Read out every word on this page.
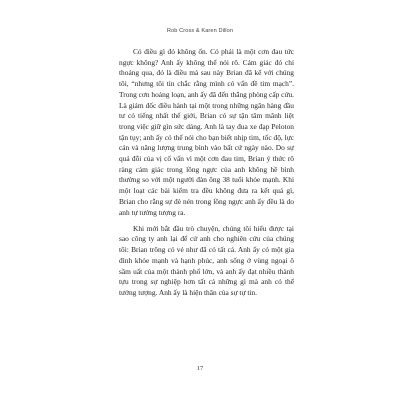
Rob Cross & Karen Dillon

Có điều gì đó không ổn. Có phải là một cơn đau tức ngực không? Anh ấy không thể nói rõ. Cảm giác đó chỉ thoáng qua, đó là điều mà sau này Brian đã kể với chúng tôi, “nhưng tôi tin chắc rằng mình có vấn đề tim mạch”. Trong cơn hoảng loạn, anh ấy đã đến thẳng phòng cấp cứu. Là giám đốc điều hành tại một trong những ngân hàng đầu tư có tiếng nhất thế giới, Brian có sự tận tâm mãnh liệt trong việc giữ gìn sức dáng. Anh là tay đua xe đạp Peloton tận tụy; anh ấy có thể nói cho bạn biết nhịp tim, tốc độ, lực cản và năng lượng trung bình vào bất cứ ngày nào. Do sự quá đỗi của vị cố vấn vì một cơn đau tim, Brian ý thức rõ ràng cảm giác trong lồng ngực của anh không hề bình thường so với một người đàn ông 38 tuổi khỏe mạnh. Khi một loạt các bài kiểm tra đều không đưa ra kết quả gì, Brian cho rằng sự đè nén trong lồng ngực anh ấy đều là do anh tự tưởng tượng ra.

Khi mới bắt đầu trò chuyện, chúng tôi hiểu được tại sao công ty anh lại để cử anh cho nghiên cứu của chúng tôi: Brian trông có vẻ như đã có tất cả. Anh ấy có một gia đình khỏe mạnh và hạnh phúc, anh sống ở vùng ngoại ô sầm uất của một thành phố lớn, và anh ấy đạt nhiều thành tựu trong sự nghiệp hơn tất cả những gì mà anh có thể tưởng tượng. Anh ấy là hiện thân của sự tự tin.

17
